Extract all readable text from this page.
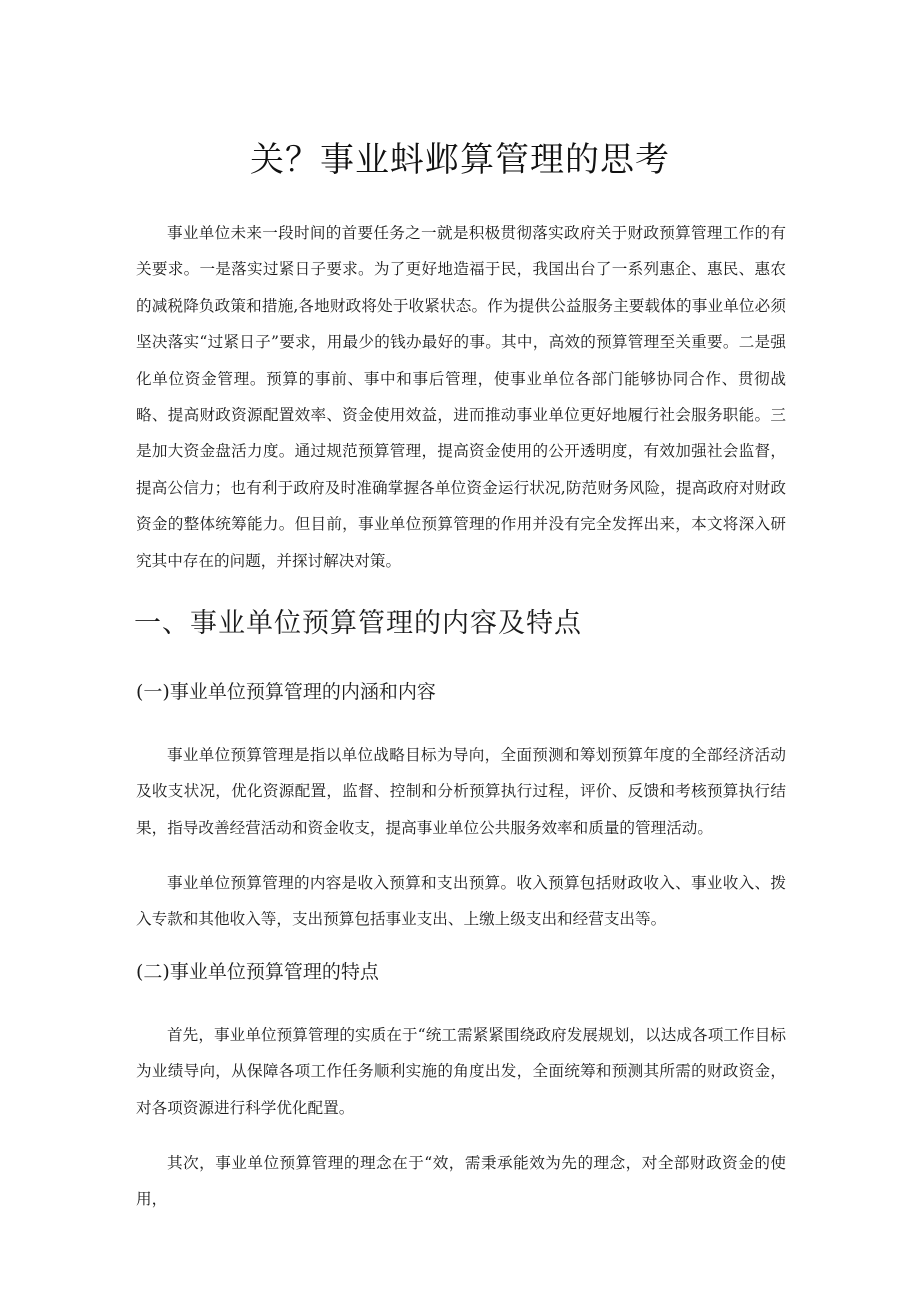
关？事业蚪邺算管理的思考

事业单位未来一段时间的首要任务之一就是积极贯彻落实政府关于财政预算管理工作的有关要求。一是落实过紧日子要求。为了更好地造福于民，我国出台了一系列惠企、惠民、惠农的减税降负政策和措施,各地财政将处于收紧状态。作为提供公益服务主要载体的事业单位必须坚决落实“过紧日子”要求，用最少的钱办最好的事。其中，高效的预算管理至关重要。二是强化单位资金管理。预算的事前、事中和事后管理，使事业单位各部门能够协同合作、贯彻战略、提高财政资源配置效率、资金使用效益，进而推动事业单位更好地履行社会服务职能。三是加大资金盘活力度。通过规范预算管理，提高资金使用的公开透明度，有效加强社会监督，提高公信力；也有利于政府及时准确掌握各单位资金运行状况,防范财务风险，提高政府对财政资金的整体统筹能力。但目前，事业单位预算管理的作用并没有完全发挥出来，本文将深入研究其中存在的问题，并探讨解决对策。

一、事业单位预算管理的内容及特点
(一)事业单位预算管理的内涵和内容

事业单位预算管理是指以单位战略目标为导向，全面预测和筹划预算年度的全部经济活动及收支状况，优化资源配置，监督、控制和分析预算执行过程，评价、反馈和考核预算执行结果，指导改善经营活动和资金收支，提高事业单位公共服务效率和质量的管理活动。

事业单位预算管理的内容是收入预算和支出预算。收入预算包括财政收入、事业收入、拨入专款和其他收入等，支出预算包括事业支出、上缴上级支出和经营支出等。

(二)事业单位预算管理的特点

首先，事业单位预算管理的实质在于“统工需紧紧围绕政府发展规划，以达成各项工作目标为业绩导向，从保障各项工作任务顺利实施的角度出发，全面统筹和预测其所需的财政资金，对各项资源进行科学优化配置。

其次，事业单位预算管理的理念在于“效，需秉承能效为先的理念，对全部财政资金的使用，
